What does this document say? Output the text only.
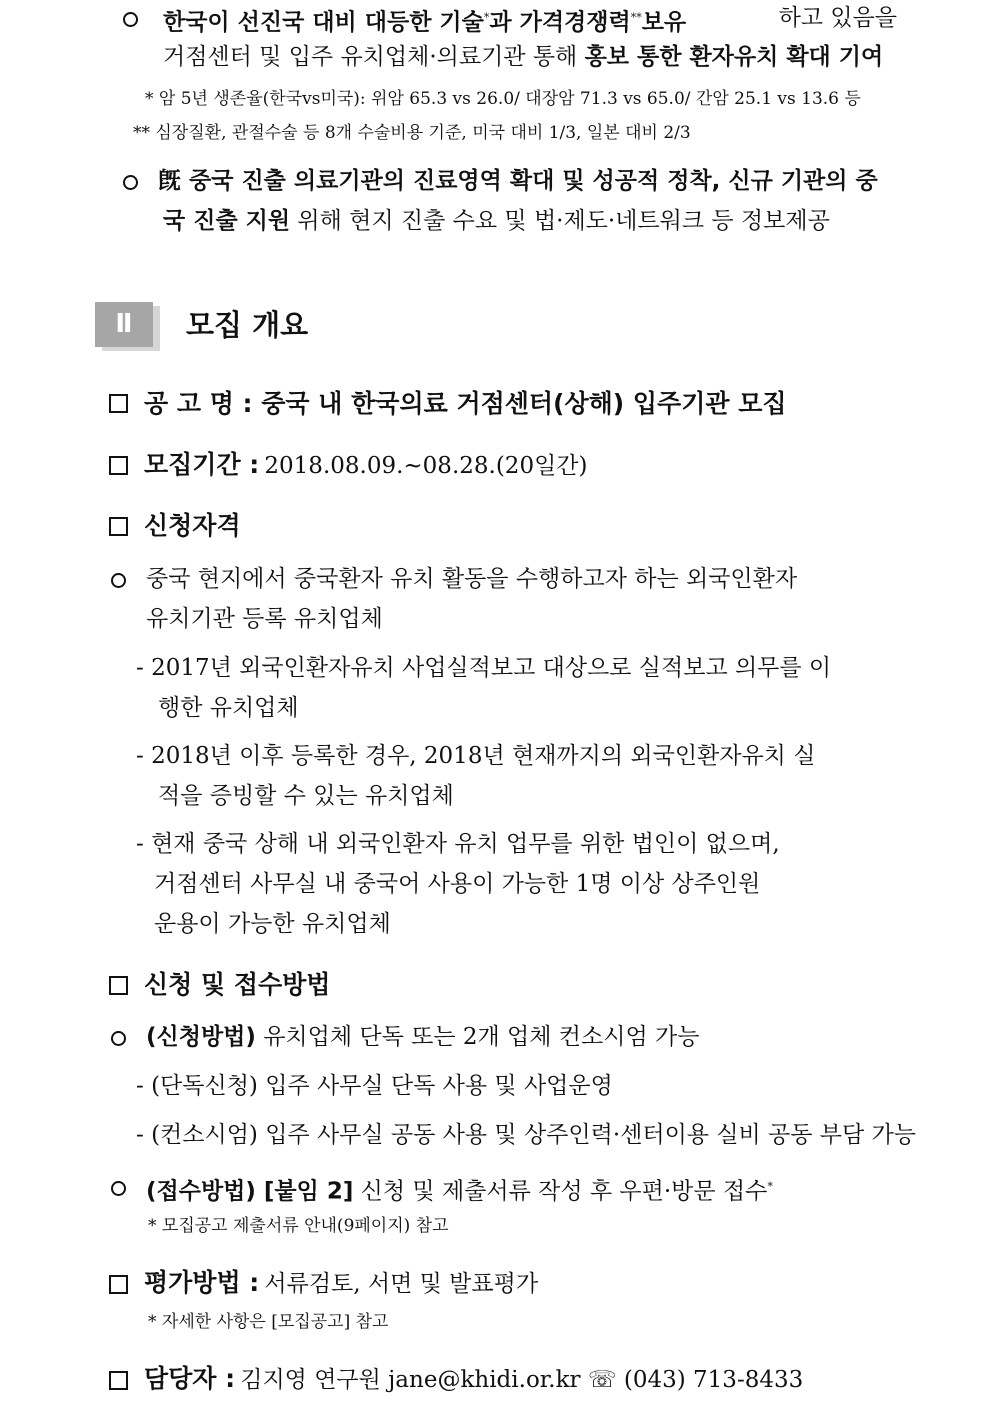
한국이 선진국 대비 대등한 기술*과 가격경쟁력**보유	하고 있음을
거점센터 및 입주 유치업체·의료기관 통해 홍보 통한 환자유치 확대 기여
* 암 5년 생존율(한국vs미국): 위암 65.3 vs 26.0/ 대장암 71.3 vs 65.0/ 간암 25.1 vs 13.6 등
** 심장질환, 관절수술 등 8개 수술비용 기준, 미국 대비 1/3, 일본 대비 2/3
旣 중국 진출 의료기관의 진료영역 확대 및 성공적 정착, 신규 기관의 중
국 진출 지원 위해 현지 진출 수요 및 법·제도·네트워크 등 정보제공
Ⅱ	모집 개요
공 고 명 : 중국 내 한국의료 거점센터(상해) 입주기관 모집
모집기간 : 2018.08.09.~08.28.(20일간)
신청자격
중국 현지에서 중국환자 유치 활동을 수행하고자 하는 외국인환자
유치기관 등록 유치업체
- 2017년 외국인환자유치 사업실적보고 대상으로 실적보고 의무를 이
행한 유치업체
- 2018년 이후 등록한 경우, 2018년 현재까지의 외국인환자유치 실
적을 증빙할 수 있는 유치업체
- 현재 중국 상해 내 외국인환자 유치 업무를 위한 법인이 없으며,
거점센터 사무실 내 중국어 사용이 가능한 1명 이상 상주인원
운용이 가능한 유치업체
신청 및 접수방법
(신청방법) 유치업체 단독 또는 2개 업체 컨소시엄 가능
- (단독신청) 입주 사무실 단독 사용 및 사업운영
- (컨소시엄) 입주 사무실 공동 사용 및 상주인력·센터이용 실비 공동 부담 가능
(접수방법) [붙임 2] 신청 및 제출서류 작성 후 우편·방문 접수*
* 모집공고 제출서류 안내(9페이지) 참고
평가방법 : 서류검토, 서면 및 발표평가
* 자세한 사항은 [모집공고] 참고
담당자 : 김지영 연구원 jane@khidi.or.kr ☏ (043) 713-8433
